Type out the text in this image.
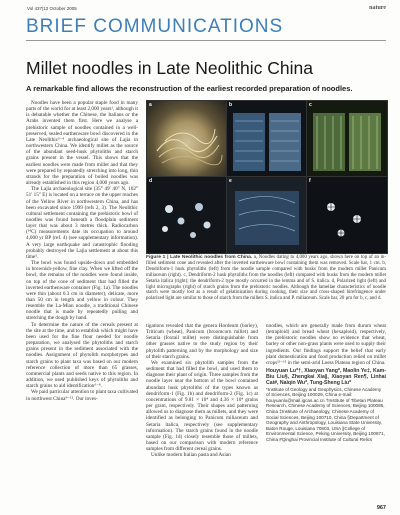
Vol 437|13 October 2005	nature
BRIEF COMMUNICATIONS
Millet noodles in Late Neolithic China
A remarkable find allows the reconstruction of the earliest recorded preparation of noodles.

Noodles have been a popular staple food in many parts of the world for at least 2,000 years¹, although it is debatable whether the Chinese, the Italians or the Arabs invented them first. Here we analyse a prehistoric sample of noodles contained in a well-preserved, sealed earthenware bowl discovered in the Late Neolithic²⁻⁴ archaeological site of Lajia in northwestern China. We identify millet as the source of the abundant seed-husk phytoliths and starch grains present in the vessel. This shows that the earliest noodles were made from millet and that they were prepared by repeatedly stretching into long, thin strands for the preparation of boiled noodles was already established in this region 4,000 years ago.

The Lajia archaeological site (35° 49′ 40″ N, 102° 51′ 15″ E) is located on a terrace on the upper reaches of the Yellow River in northwestern China, and has been excavated since 1999 (refs 2, 3). The Neolithic cultural settlement containing the prehistoric bowl of noodles was found beneath a floodplain sediment layer that was about 3 metres thick. Radiocarbon (¹⁴C) measurements date its occupation to around 4,000 yr BP (ref. 4) (see supplementary information). A very large earthquake and catastrophic flooding probably destroyed the Lajia settlement at about this time⁵.

The bowl was found upside-down and embedded in brownish-yellow, fine clay. When we lifted off the bowl, the remains of the noodles were found inside, on top of the cone of sediment that had filled the inverted earthenware container (Fig. 1a). The noodles were thin (about 0.3 cm in diameter), delicate, more than 50 cm in length and yellow in colour. They resemble the La-Mian noodle, a traditional Chinese noodle that is made by repeatedly pulling and stretching the dough by hand.

To determine the nature of the cereals present at the site at the time, and to establish which might have been used for the fine flour needed for noodle preparation, we analysed the phytoliths and starch grains present in the sediment associated with the noodles. Assignment of phytolith morphotypes and starch grains to plant taxa was based on our modern reference collection of more than 65 grasses, commercial plants and seeds native to this region. In addition, we used published keys of phytoliths and starch grains to aid identification⁶⁻⁸.

We paid particular attention to plant taxa cultivated in northwest China⁹⁻¹². Our inves-

a	b	c
d	e	f
Figure 1 | Late Neolithic noodles from China. a, Noodles dating to 4,000 years ago, shown here on top of an in-filled sediment cone and revealed after the inverted earthenware bowl containing them was removed. Scale bar, 1 cm. b, Dendriform-1 husk phytoliths (left) from the noodle sample compared with husks from the modern millet Panicum miliaceum (right). c, Dendriform-2 husk phytoliths from the noodles (left) compared with husks from the modern millet Setaria italica (right); the dendriform-2 type mostly occurred in the lemma and of S. italica. d, Polarized light (left) and light micrographs (right) of starch grains from the prehistoric noodles. Although the lamellae characteristics of noodle starch were mostly lost as a result of gelatinization during cooking, their size and cross-shaped birefringence under polarized light are similar to those of starch from the millets S. italica and P. miliaceum. Scale bar, 20 μm for b, c, and d.

tigations revealed that the genera Hordeum (barley), Triticum (wheat), Panicum (broomcorn millet) and Setaria (foxtail millet) were distinguishable from other grasses native to the study region by their phytolith patterning and by the morphology and size of their starch grains.

We examined six phytolith samples from the sediment that had filled the bowl, and used them to diagnose their plant of origin. Three samples from the noodle layer near the bottom of the bowl contained abundant husk phytoliths of the types known as dendriform-1 (Fig. 1b) and dendriform-2 (Fig. 1c) at concentrations of 9.81 × 10⁴ and 4.36 × 10⁴ grains per gram, respectively. Their shapes and patterning allowed us to diagnose them as millets, and they were identified as belonging to Panicum miliaceum and Setaria italica, respectively (see supplementary information). The starch grains found in the noodle sample (Fig. 1d) closely resemble those of millets, based on our comparison with modern reference samples from different cereal grains.

Unlike modern Italian pasta and Asian

noodles, which are generally made from durum wheat (tetraploid) and bread wheat (hexaploid), respectively, the prehistoric noodles show no evidence that wheat, barley or other non-grass plants were used to supply their ingredients. Our findings support the belief that early plant domestication and food production relied on millet crops¹³⁻¹⁵ in the semi-arid Loess Plateau region of China.

Houyuan Lu*†, Xiaoyan Yang*, Maolin Ye‡, Kam-Biu Liu§, Zhengkai Xia∥, Xiaoyan Ren¶, Linhai Cai#, Naiqin Wu*, Tung-Sheng Liu*

*Institute of Geology and Geophysics, Chinese Academy of Sciences, Beijing 100029, China e-mail: houyuanlu@mail.igcas.ac.cn †Institute of Tibetan Plateau Research, Chinese Academy of Sciences, Beijing 100085, China ‡Institute of Archaeology, Chinese Academy of Social Sciences, Beijing 100710, China §Department of Geography and Anthropology, Louisiana State University, Baton Rouge, Louisiana 70803, USA ∥College of Environmental Science, Peking University, Beijing 100871, China #Qinghai Provincial Institute of Cultural Relics

967
